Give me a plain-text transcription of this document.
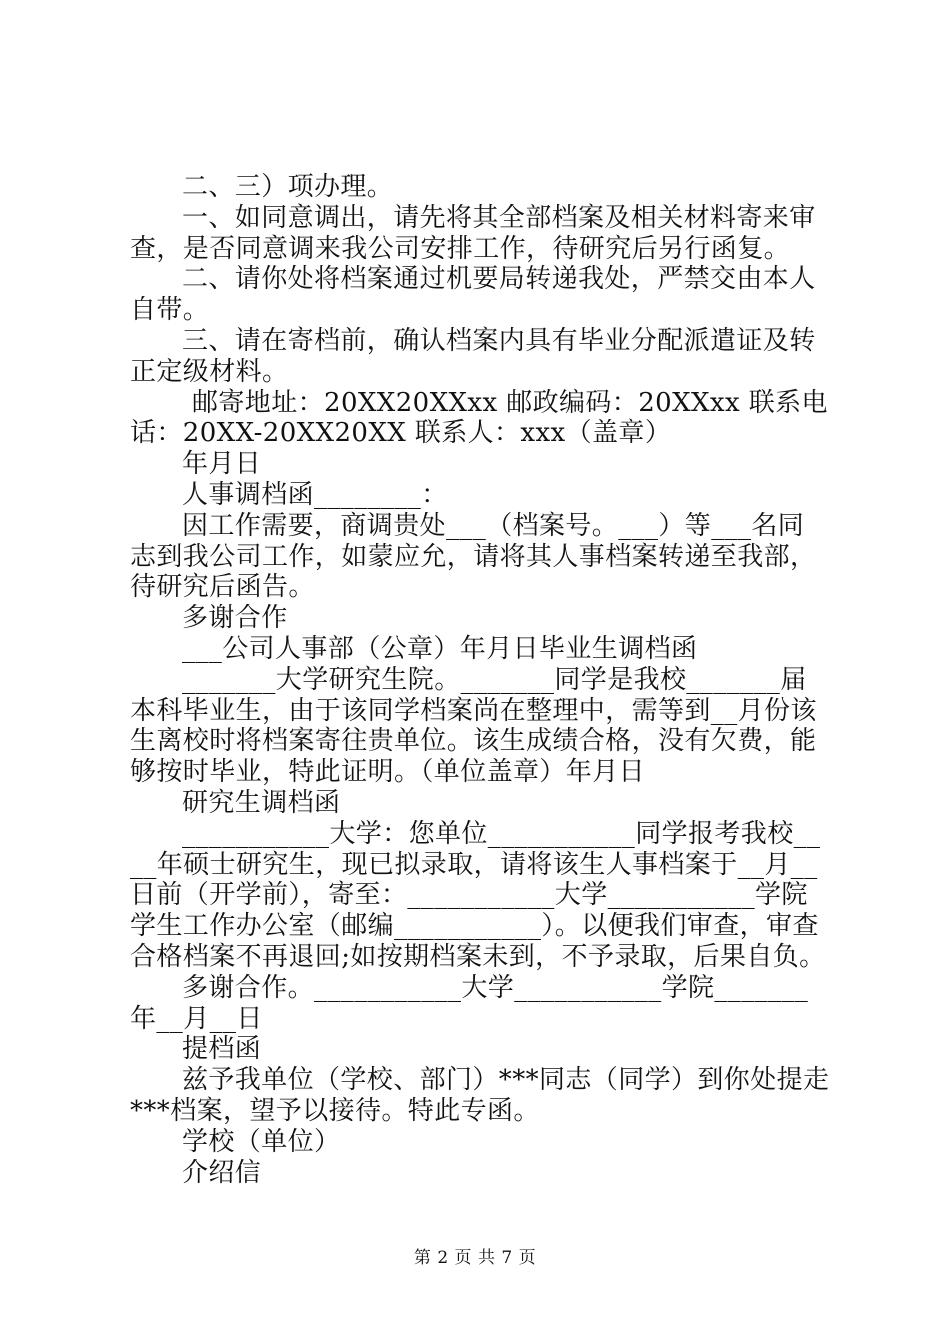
二、三）项办理。

一、如同意调出，请先将其全部档案及相关材料寄来审查，是否同意调来我公司安排工作，待研究后另行函复。

二、请你处将档案通过机要局转递我处，严禁交由本人自带。

三、请在寄档前，确认档案内具有毕业分配派遣证及转正定级材料。

邮寄地址：20XX20XXxx 邮政编码：20XXxx 联系电话：20XX-20XX20XX 联系人：xxx（盖章）

年月日

人事调档函________：

因工作需要，商调贵处___（档案号。___）等___名同志到我公司工作，如蒙应允，请将其人事档案转递至我部，待研究后函告。

多谢合作

___公司人事部（公章）年月日毕业生调档函

_______大学研究生院。_______同学是我校_______届本科毕业生，由于该同学档案尚在整理中，需等到__月份该生离校时将档案寄往贵单位。该生成绩合格，没有欠费，能够按时毕业，特此证明。（单位盖章）年月日

研究生调档函

___________大学：您单位___________同学报考我校____年硕士研究生，现已拟录取，请将该生人事档案于__月__日前（开学前），寄至：___________大学___________学院学生工作办公室（邮编___________）。以便我们审查，审查合格档案不再退回;如按期档案未到，不予录取，后果自负。

多谢合作。___________大学___________学院_______年__月__日

提档函

兹予我单位（学校、部门）***同志（同学）到你处提走***档案，望予以接待。特此专函。

学校（单位）

介绍信

第 2 页 共 7 页
